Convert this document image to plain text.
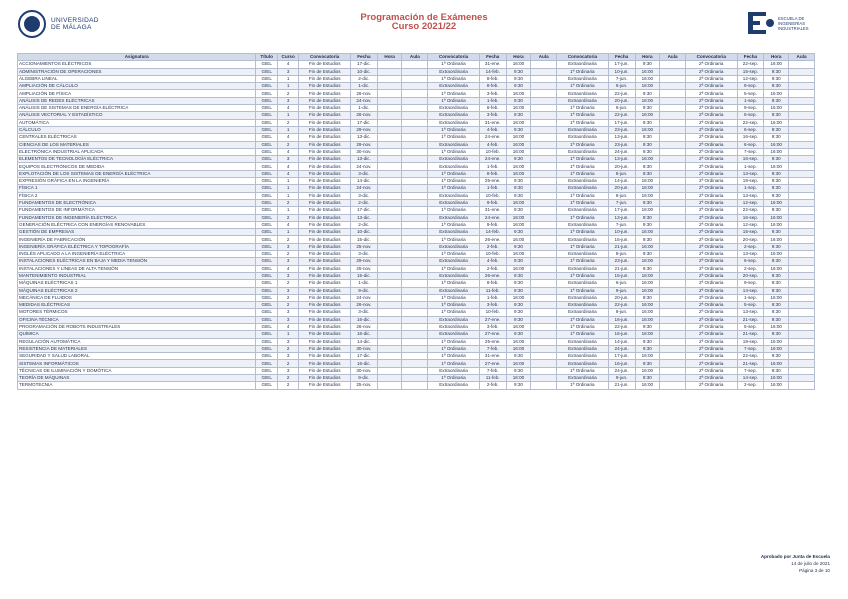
UNIVERSIDAD
DE MÁLAGA
Programación de Exámenes
Curso 2021/22
ESCUELA DE
INGENIERÍAS
INDUSTRIALES
Asignatura	Título	Curso	Convocatoria	Fecha	Hora	Aula	Convocatoria	Fecha	Hora	Aula	Convocatoria	Fecha	Hora	Aula	Convocatoria	Fecha	Hora	Aula
ACCIONAMIENTOS ELÉCTRICOS	GIEL	4	Fin de Estudios	17-dic.			1ª Ordinaria	31-ene.	16:00		Extraordinaria	17-jun.	9:30		2ª Ordinaria	22-sep.	16:00	
ADMINISTRACIÓN DE OPERACIONES	GIEL	3	Fin de Estudios	10-dic.			Extraordinaria	14-feb.	9:30		1ª Ordinaria	10-jun.	16:00		2ª Ordinaria	15-sep.	9:30	
ÁLGEBRA LINEAL	GIEL	1	Fin de Estudios	2-dic.			1ª Ordinaria	8-feb.	9:30		Extraordinaria	7-jun.	16:00		2ª Ordinaria	12-sep.	9:30	
AMPLIACIÓN DE CÁLCULO	GIEL	1	Fin de Estudios	1-dic.			Extraordinaria	8-feb.	9:30		1ª Ordinaria	6-jun.	16:00		2ª Ordinaria	9-sep.	9:30	
AMPLIACIÓN DE FÍSICA	GIEL	2	Fin de Estudios	26-nov.			1ª Ordinaria	3-feb.	16:00		Extraordinaria	22-jun.	9:30		2ª Ordinaria	5-sep.	16:00	
ANÁLISIS DE REDES ELÉCTRICAS	GIEL	3	Fin de Estudios	24-nov.			1ª Ordinaria	1-feb.	9:30		Extraordinaria	20-jun.	16:00		2ª Ordinaria	1-sep.	9:30	
ANÁLISIS DE SISTEMAS DE ENERGÍA ELÉCTRICA	GIEL	4	Fin de Estudios	1-dic.			Extraordinaria	8-feb.	16:00		1ª Ordinaria	6-jun.	9:30		2ª Ordinaria	9-sep.	16:00	
ANÁLISIS VECTORIAL Y ESTADÍSTICO	GIEL	1	Fin de Estudios	26-nov.			Extraordinaria	3-feb.	9:30		1ª Ordinaria	22-jun.	16:00		2ª Ordinaria	5-sep.	9:30	
AUTOMÁTICA	GIEL	2	Fin de Estudios	17-dic.			Extraordinaria	31-ene.	16:00		1ª Ordinaria	17-jun.	9:30		2ª Ordinaria	22-sep.	16:00	
CÁLCULO	GIEL	1	Fin de Estudios	29-nov.			1ª Ordinaria	4-feb.	9:30		Extraordinaria	23-jun.	16:00		2ª Ordinaria	6-sep.	9:30	
CENTRALES ELÉCTRICAS	GIEL	4	Fin de Estudios	13-dic.			1ª Ordinaria	24-ene.	16:00		Extraordinaria	13-jun.	9:30		2ª Ordinaria	16-sep.	9:30	
CIENCIAS DE LOS MATERIALES	GIEL	2	Fin de Estudios	29-nov.			Extraordinaria	4-feb.	16:00		1ª Ordinaria	23-jun.	9:30		2ª Ordinaria	6-sep.	16:00	
ELECTRÓNICA INDUSTRIAL APLICADA	GIEL	4	Fin de Estudios	30-nov.			1ª Ordinaria	10-feb.	16:00		Extraordinaria	24-jun.	9:30		2ª Ordinaria	7-sep.	16:00	
ELEMENTOS DE TECNOLOGÍA ELÉCTRICA	GIEL	3	Fin de Estudios	13-dic.			Extraordinaria	24-ene.	9:30		1ª Ordinaria	13-jun.	16:00		2ª Ordinaria	16-sep.	9:30	
EQUIPOS ELECTRÓNICOS DE MEDIDA	GIEL	4	Fin de Estudios	24-nov.			Extraordinaria	1-feb.	16:00		1ª Ordinaria	20-jun.	9:30		2ª Ordinaria	1-sep.	16:00	
EXPLOTACIÓN DE LOS SISTEMAS DE ENERGÍA ELÉCTRICA	GIEL	4	Fin de Estudios	3-dic.			1ª Ordinaria	8-feb.	16:00		1ª Ordinaria	8-jun.	9:30		2ª Ordinaria	13-sep.	9:30	
EXPRESIÓN GRÁFICA EN LA INGENIERÍA	GIEL	1	Fin de Estudios	14-dic.			1ª Ordinaria	25-ene.	9:30		Extraordinaria	14-jun.	16:00		2ª Ordinaria	19-sep.	9:30	
FÍSICA 1	GIEL	1	Fin de Estudios	24-nov.			1ª Ordinaria	1-feb.	9:30		Extraordinaria	20-jun.	16:00		2ª Ordinaria	1-sep.	9:30	
FÍSICA 2	GIEL	1	Fin de Estudios	3-dic.			Extraordinaria	10-feb.	9:30		1ª Ordinaria	8-jun.	16:00		2ª Ordinaria	13-sep.	9:30	
FUNDAMENTOS DE ELECTRÓNICA	GIEL	2	Fin de Estudios	2-dic.			Extraordinaria	9-feb.	16:00		1ª Ordinaria	7-jun.	9:30		2ª Ordinaria	12-sep.	16:00	
FUNDAMENTOS DE INFORMÁTICA	GIEL	1	Fin de Estudios	17-dic.			1ª Ordinaria	31-ene.	9:30		Extraordinaria	17-jun.	16:00		2ª Ordinaria	22-sep.	9:30	
FUNDAMENTOS DE INGENIERÍA ELÉCTRICA	GIEL	2	Fin de Estudios	13-dic.			Extraordinaria	24-ene.	16:00		1ª Ordinaria	13-jun.	9:30		2ª Ordinaria	16-sep.	16:00	
GENERACIÓN ELÉCTRICA CON ENERGÍAS RENOVABLES	GIEL	4	Fin de Estudios	2-dic.			1ª Ordinaria	9-feb.	16:00		Extraordinaria	7-jun.	9:30		2ª Ordinaria	12-sep.	16:00	
GESTIÓN DE EMPRESAS	GIEL	1	Fin de Estudios	10-dic.			Extraordinaria	14-feb.	9:30		1ª Ordinaria	10-jun.	16:00		2ª Ordinaria	15-sep.	9:30	
INGENIERÍA DE FABRICACIÓN	GIEL	2	Fin de Estudios	15-dic.			1ª Ordinaria	26-ene.	16:00		Extraordinaria	15-jun.	9:30		2ª Ordinaria	20-sep.	16:00	
INGENIERÍA GRÁFICA ELÉCTRICA Y TOPOGRAFÍA	GIEL	3	Fin de Estudios	25-nov.			Extraordinaria	2-feb.	9:30		1ª Ordinaria	21-jun.	16:00		2ª Ordinaria	2-sep.	9:30	
INGLÉS APLICADO A LA INGENIERÍA ELÉCTRICA	GIEL	2	Fin de Estudios	3-dic.			1ª Ordinaria	10-feb.	16:00		Extraordinaria	8-jun.	9:30		2ª Ordinaria	13-sep.	16:00	
INSTALACIONES ELÉCTRICAS EN BAJA Y MEDIA TENSIÓN	GIEL	3	Fin de Estudios	29-nov.			Extraordinaria	4-feb.	9:30		1ª Ordinaria	23-jun.	16:00		2ª Ordinaria	6-sep.	9:30	
INSTALACIONES Y LÍNEAS DE ALTA TENSIÓN	GIEL	4	Fin de Estudios	25-nov.			1ª Ordinaria	2-feb.	16:00		Extraordinaria	21-jun.	9:30		2ª Ordinaria	2-sep.	16:00	
MANTENIMIENTO INDUSTRIAL	GIEL	3	Fin de Estudios	15-dic.			Extraordinaria	26-ene.	9:30		1ª Ordinaria	15-jun.	16:00		2ª Ordinaria	20-sep.	9:30	
MÁQUINAS ELÉCTRICAS 1	GIEL	2	Fin de Estudios	1-dic.			1ª Ordinaria	8-feb.	9:30		Extraordinaria	6-jun.	16:00		2ª Ordinaria	9-sep.	9:30	
MÁQUINAS ELÉCTRICAS 2	GIEL	3	Fin de Estudios	9-dic.			Extraordinaria	11-feb.	9:30		1ª Ordinaria	9-jun.	16:00		2ª Ordinaria	14-sep.	9:30	
MECÁNICA DE FLUIDOS	GIEL	2	Fin de Estudios	24-nov.			1ª Ordinaria	1-feb.	16:00		Extraordinaria	20-jun.	9:30		2ª Ordinaria	1-sep.	16:00	
MEDIDAS ELÉCTRICAS	GIEL	2	Fin de Estudios	26-nov.			1ª Ordinaria	3-feb.	9:30		Extraordinaria	22-jun.	16:00		2ª Ordinaria	5-sep.	9:30	
MOTORES TÉRMICOS	GIEL	3	Fin de Estudios	3-dic.			1ª Ordinaria	10-feb.	9:30		Extraordinaria	8-jun.	16:00		2ª Ordinaria	13-sep.	9:30	
OFICINA TÉCNICA	GIEL	3	Fin de Estudios	16-dic.			Extraordinaria	27-ene.	9:30		1ª Ordinaria	16-jun.	16:00		2ª Ordinaria	21-sep.	9:30	
PROGRAMACIÓN DE ROBOTS INDUSTRIALES	GIEL	4	Fin de Estudios	26-nov.			Extraordinaria	3-feb.	16:00		1ª Ordinaria	22-jun.	9:30		2ª Ordinaria	5-sep.	16:00	
QUÍMICA	GIEL	1	Fin de Estudios	16-dic.			Extraordinaria	27-ene.	9:30		1ª Ordinaria	16-jun.	16:00		2ª Ordinaria	21-sep.	9:30	
REGULACIÓN AUTOMÁTICA	GIEL	3	Fin de Estudios	14-dic.			1ª Ordinaria	25-ene.	16:00		Extraordinaria	14-jun.	9:30		2ª Ordinaria	19-sep.	16:00	
RESISTENCIA DE MATERIALES	GIEL	2	Fin de Estudios	30-nov.			1ª Ordinaria	7-feb.	16:00		Extraordinaria	24-jun.	9:30		2ª Ordinaria	7-sep.	16:00	
SEGURIDAD Y SALUD LABORAL	GIEL	3	Fin de Estudios	17-dic.			1ª Ordinaria	31-ene.	9:30		Extraordinaria	17-jun.	16:00		2ª Ordinaria	22-sep.	9:30	
SISTEMAS INFORMÁTICOS	GIEL	2	Fin de Estudios	16-dic.			1ª Ordinaria	27-ene.	16:00		Extraordinaria	16-jun.	9:30		2ª Ordinaria	21-sep.	16:00	
TÉCNICAS DE ILUMINACIÓN Y DOMÓTICA	GIEL	3	Fin de Estudios	30-nov.			Extraordinaria	7-feb.	9:30		1ª Ordinaria	24-jun.	16:00		2ª Ordinaria	7-sep.	9:30	
TEORÍA DE MÁQUINAS	GIEL	2	Fin de Estudios	9-dic.			1ª Ordinaria	11-feb.	16:00		Extraordinaria	9-jun.	9:30		2ª Ordinaria	14-sep.	16:00	
TERMOTECNIA	GIEL	2	Fin de Estudios	25-nov.			Extraordinaria	2-feb.	9:30		1ª Ordinaria	21-jun.	16:00		2ª Ordinaria	2-sep.	16:00	
Aprobado por Junta de Escuela
14 de julio de 2021
Página 3 de 10
